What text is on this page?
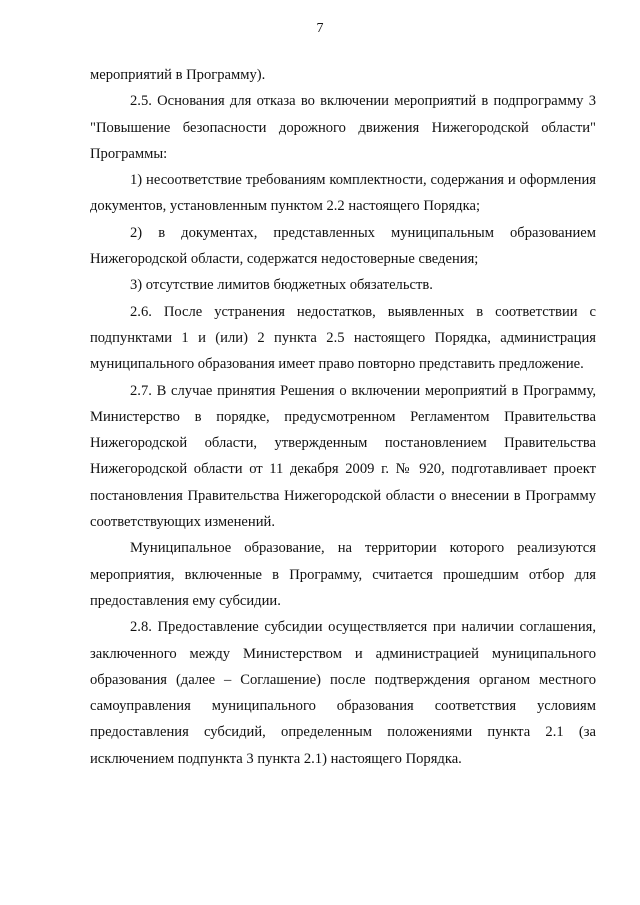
7

мероприятий в Программу).

2.5. Основания для отказа во включении мероприятий в подпрограмму 3 "Повышение безопасности дорожного движения Нижегородской области" Программы:

1) несоответствие требованиям комплектности, содержания и оформления документов, установленным пунктом 2.2 настоящего Порядка;

2) в документах, представленных муниципальным образованием Нижегородской области, содержатся недостоверные сведения;

3) отсутствие лимитов бюджетных обязательств.

2.6. После устранения недостатков, выявленных в соответствии с подпунктами 1 и (или) 2 пункта 2.5 настоящего Порядка, администрация муниципального образования имеет право повторно представить предложение.

2.7. В случае принятия Решения о включении мероприятий в Программу, Министерство в порядке, предусмотренном Регламентом Правительства Нижегородской области, утвержденным постановлением Правительства Нижегородской области от 11 декабря 2009 г. № 920, подготавливает проект постановления Правительства Нижегородской области о внесении в Программу соответствующих изменений.

Муниципальное образование, на территории которого реализуются мероприятия, включенные в Программу, считается прошедшим отбор для предоставления ему субсидии.

2.8. Предоставление субсидии осуществляется при наличии соглашения, заключенного между Министерством и администрацией муниципального образования (далее – Соглашение) после подтверждения органом местного самоуправления муниципального образования соответствия условиям предоставления субсидий, определенным положениями пункта 2.1 (за исключением подпункта 3 пункта 2.1) настоящего Порядка.
